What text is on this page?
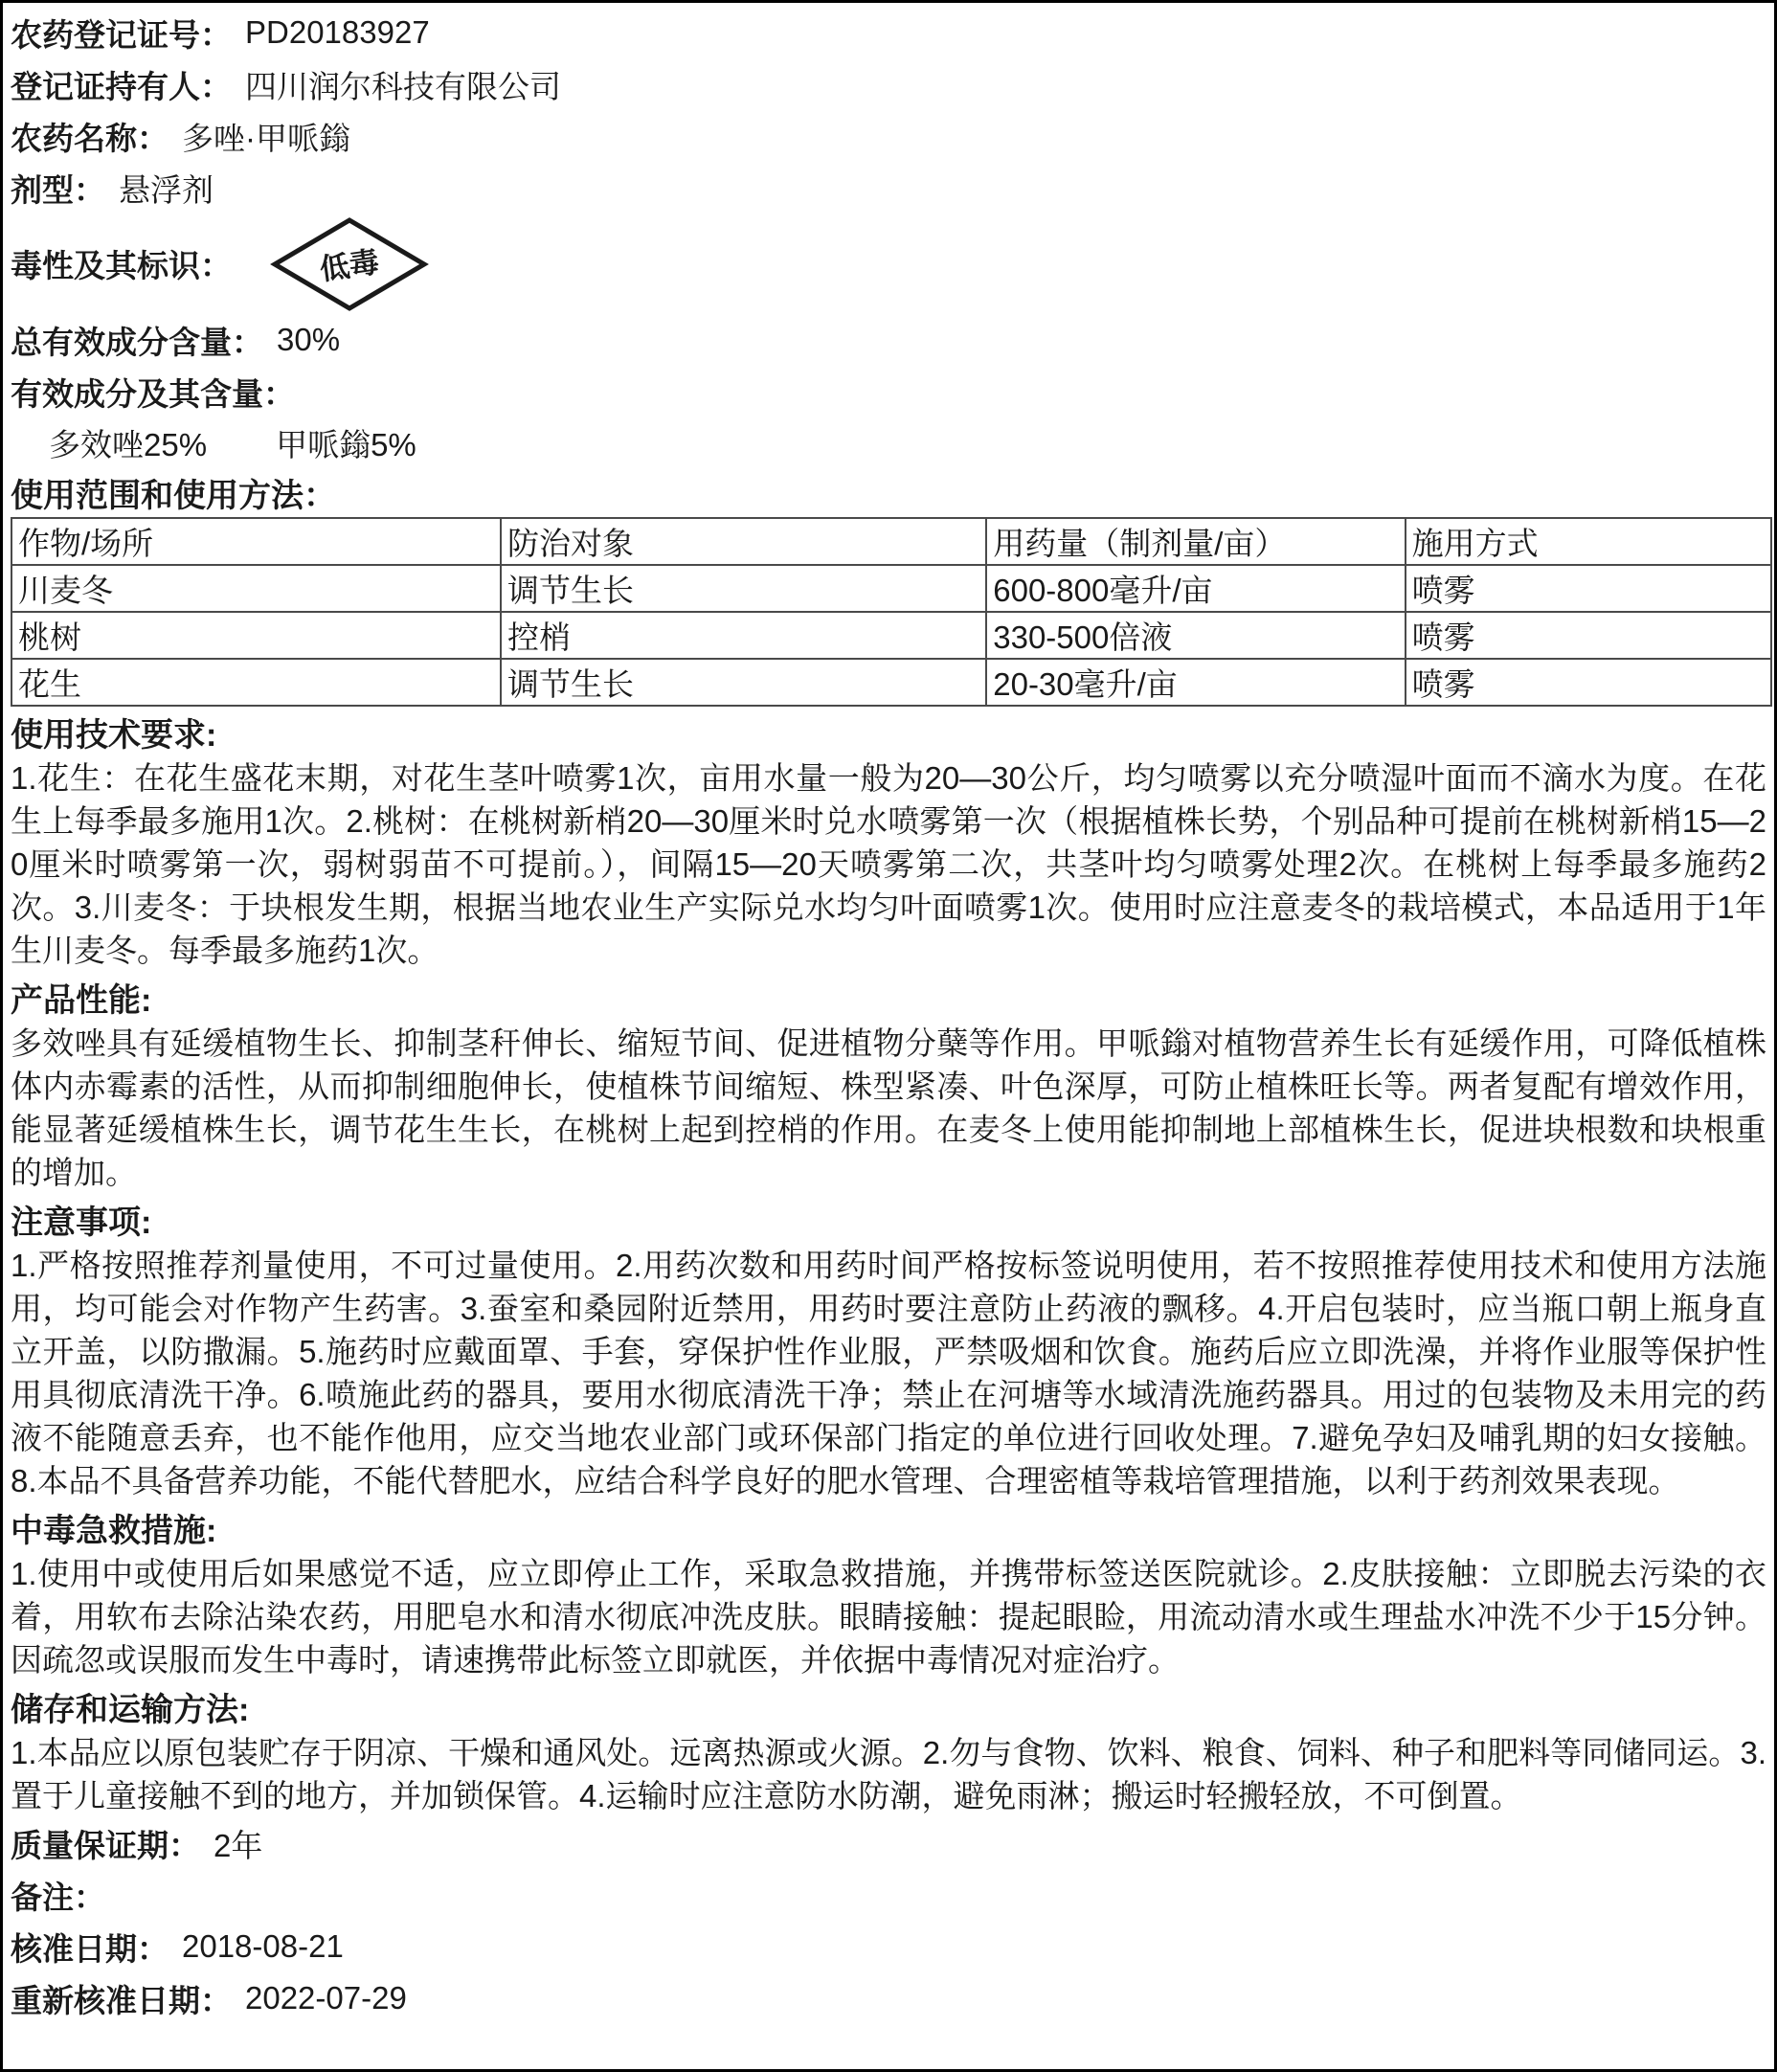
农药登记证号： PD20183927
登记证持有人： 四川润尔科技有限公司
农药名称： 多唑·甲哌鎓
剂型： 悬浮剂
毒性及其标识：	低毒
总有效成分含量： 30%
有效成分及其含量：
多效唑25% 甲哌鎓5%
使用范围和使用方法：
作物/场所	防治对象	用药量（制剂量/亩）	施用方式
川麦冬	调节生长	600-800毫升/亩	喷雾
桃树	控梢	330-500倍液	喷雾
花生	调节生长	20-30毫升/亩	喷雾
使用技术要求:
1.花生：在花生盛花末期，对花生茎叶喷雾1次，亩用水量一般为20—30公斤，均匀喷雾以充分喷湿叶面而不滴水为度。在花生上每季最多施用1次。2.桃树：在桃树新梢20—30厘米时兑水喷雾第一次（根据植株长势，个别品种可提前在桃树新梢15—20厘米时喷雾第一次，弱树弱苗不可提前。），间隔15—20天喷雾第二次，共茎叶均匀喷雾处理2次。在桃树上每季最多施药2次。3.川麦冬：于块根发生期，根据当地农业生产实际兑水均匀叶面喷雾1次。使用时应注意麦冬的栽培模式，本品适用于1年生川麦冬。每季最多施药1次。
产品性能:
多效唑具有延缓植物生长、抑制茎秆伸长、缩短节间、促进植物分蘖等作用。甲哌鎓对植物营养生长有延缓作用，可降低植株体内赤霉素的活性，从而抑制细胞伸长，使植株节间缩短、株型紧凑、叶色深厚，可防止植株旺长等。两者复配有增效作用，能显著延缓植株生长，调节花生生长，在桃树上起到控梢的作用。在麦冬上使用能抑制地上部植株生长，促进块根数和块根重的增加。
注意事项:
1.严格按照推荐剂量使用，不可过量使用。2.用药次数和用药时间严格按标签说明使用，若不按照推荐使用技术和使用方法施用，均可能会对作物产生药害。3.蚕室和桑园附近禁用，用药时要注意防止药液的飘移。4.开启包装时，应当瓶口朝上瓶身直立开盖，以防撒漏。5.施药时应戴面罩、手套，穿保护性作业服，严禁吸烟和饮食。施药后应立即洗澡，并将作业服等保护性用具彻底清洗干净。6.喷施此药的器具，要用水彻底清洗干净；禁止在河塘等水域清洗施药器具。用过的包装物及未用完的药液不能随意丢弃，也不能作他用，应交当地农业部门或环保部门指定的单位进行回收处理。7.避免孕妇及哺乳期的妇女接触。8.本品不具备营养功能，不能代替肥水，应结合科学良好的肥水管理、合理密植等栽培管理措施，以利于药剂效果表现。
中毒急救措施:
1.使用中或使用后如果感觉不适，应立即停止工作，采取急救措施，并携带标签送医院就诊。2.皮肤接触：立即脱去污染的衣着，用软布去除沾染农药，用肥皂水和清水彻底冲洗皮肤。眼睛接触：提起眼睑，用流动清水或生理盐水冲洗不少于15分钟。因疏忽或误服而发生中毒时，请速携带此标签立即就医，并依据中毒情况对症治疗。
储存和运输方法:
1.本品应以原包装贮存于阴凉、干燥和通风处。远离热源或火源。2.勿与食物、饮料、粮食、饲料、种子和肥料等同储同运。3.置于儿童接触不到的地方，并加锁保管。4.运输时应注意防水防潮，避免雨淋；搬运时轻搬轻放，不可倒置。
质量保证期： 2年
备注：
核准日期： 2018-08-21
重新核准日期： 2022-07-29
